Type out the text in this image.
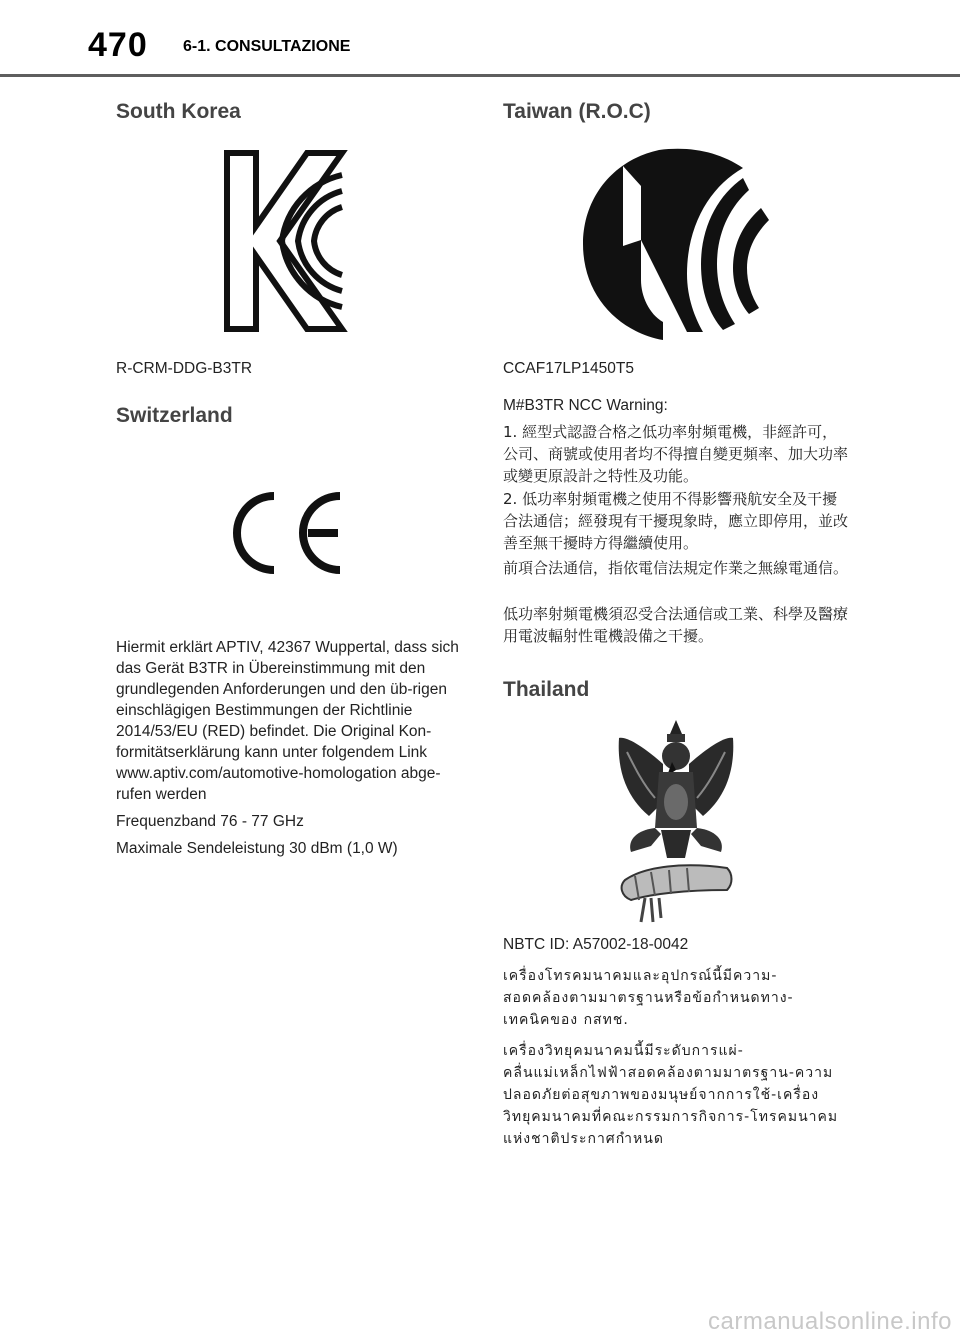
470 6-1. CONSULTAZIONE
South Korea

R-CRM-DDG-B3TR

Switzerland

Hiermit erklärt APTIV, 42367 Wuppertal, dass sich das Gerät B3TR in Übereinstimmung mit den grundlegenden Anforderungen und den üb-rigen einschlägigen Bestimmungen der Richtlinie 2014/53/EU (RED) befindet. Die Original Kon-formitätserklärung kann unter folgendem Link www.aptiv.com/automotive-homologation abge-rufen werden

Frequenzband 76 - 77 GHz

Maximale Sendeleistung 30 dBm (1,0 W)

Taiwan (R.O.C)

CCAF17LP1450T5

M#B3TR NCC Warning:

1. 經型式認證合格之低功率射頻電機，非經許可，公司、商號或使用者均不得擅自變更頻率、加大功率或變更原設計之特性及功能。

2. 低功率射頻電機之使用不得影響飛航安全及干擾合法通信；經發現有干擾現象時，應立即停用，並改善至無干擾時方得繼續使用。

前項合法通信，指依電信法規定作業之無線電通信。

低功率射頻電機須忍受合法通信或工業、科學及醫療用電波輻射性電機設備之干擾。

Thailand

NBTC ID: A57002-18-0042

เครื่องโทรคมนาคมและอุปกรณ์นี้มีความ-สอดคล้องตามมาตรฐานหรือข้อกำหนดทาง-เทคนิคของ กสทช.

เครื่องวิทยุคมนาคมนี้มีระดับการแผ่-คลื่นแม่เหล็กไฟฟ้าสอดคล้องตามมาตรฐาน-ความปลอดภัยต่อสุขภาพของมนุษย์จากการใช้-เครื่องวิทยุคมนาคมที่คณะกรรมการกิจการ-โทรคมนาคมแห่งชาติประกาศกำหนด

carmanualsonline.info
